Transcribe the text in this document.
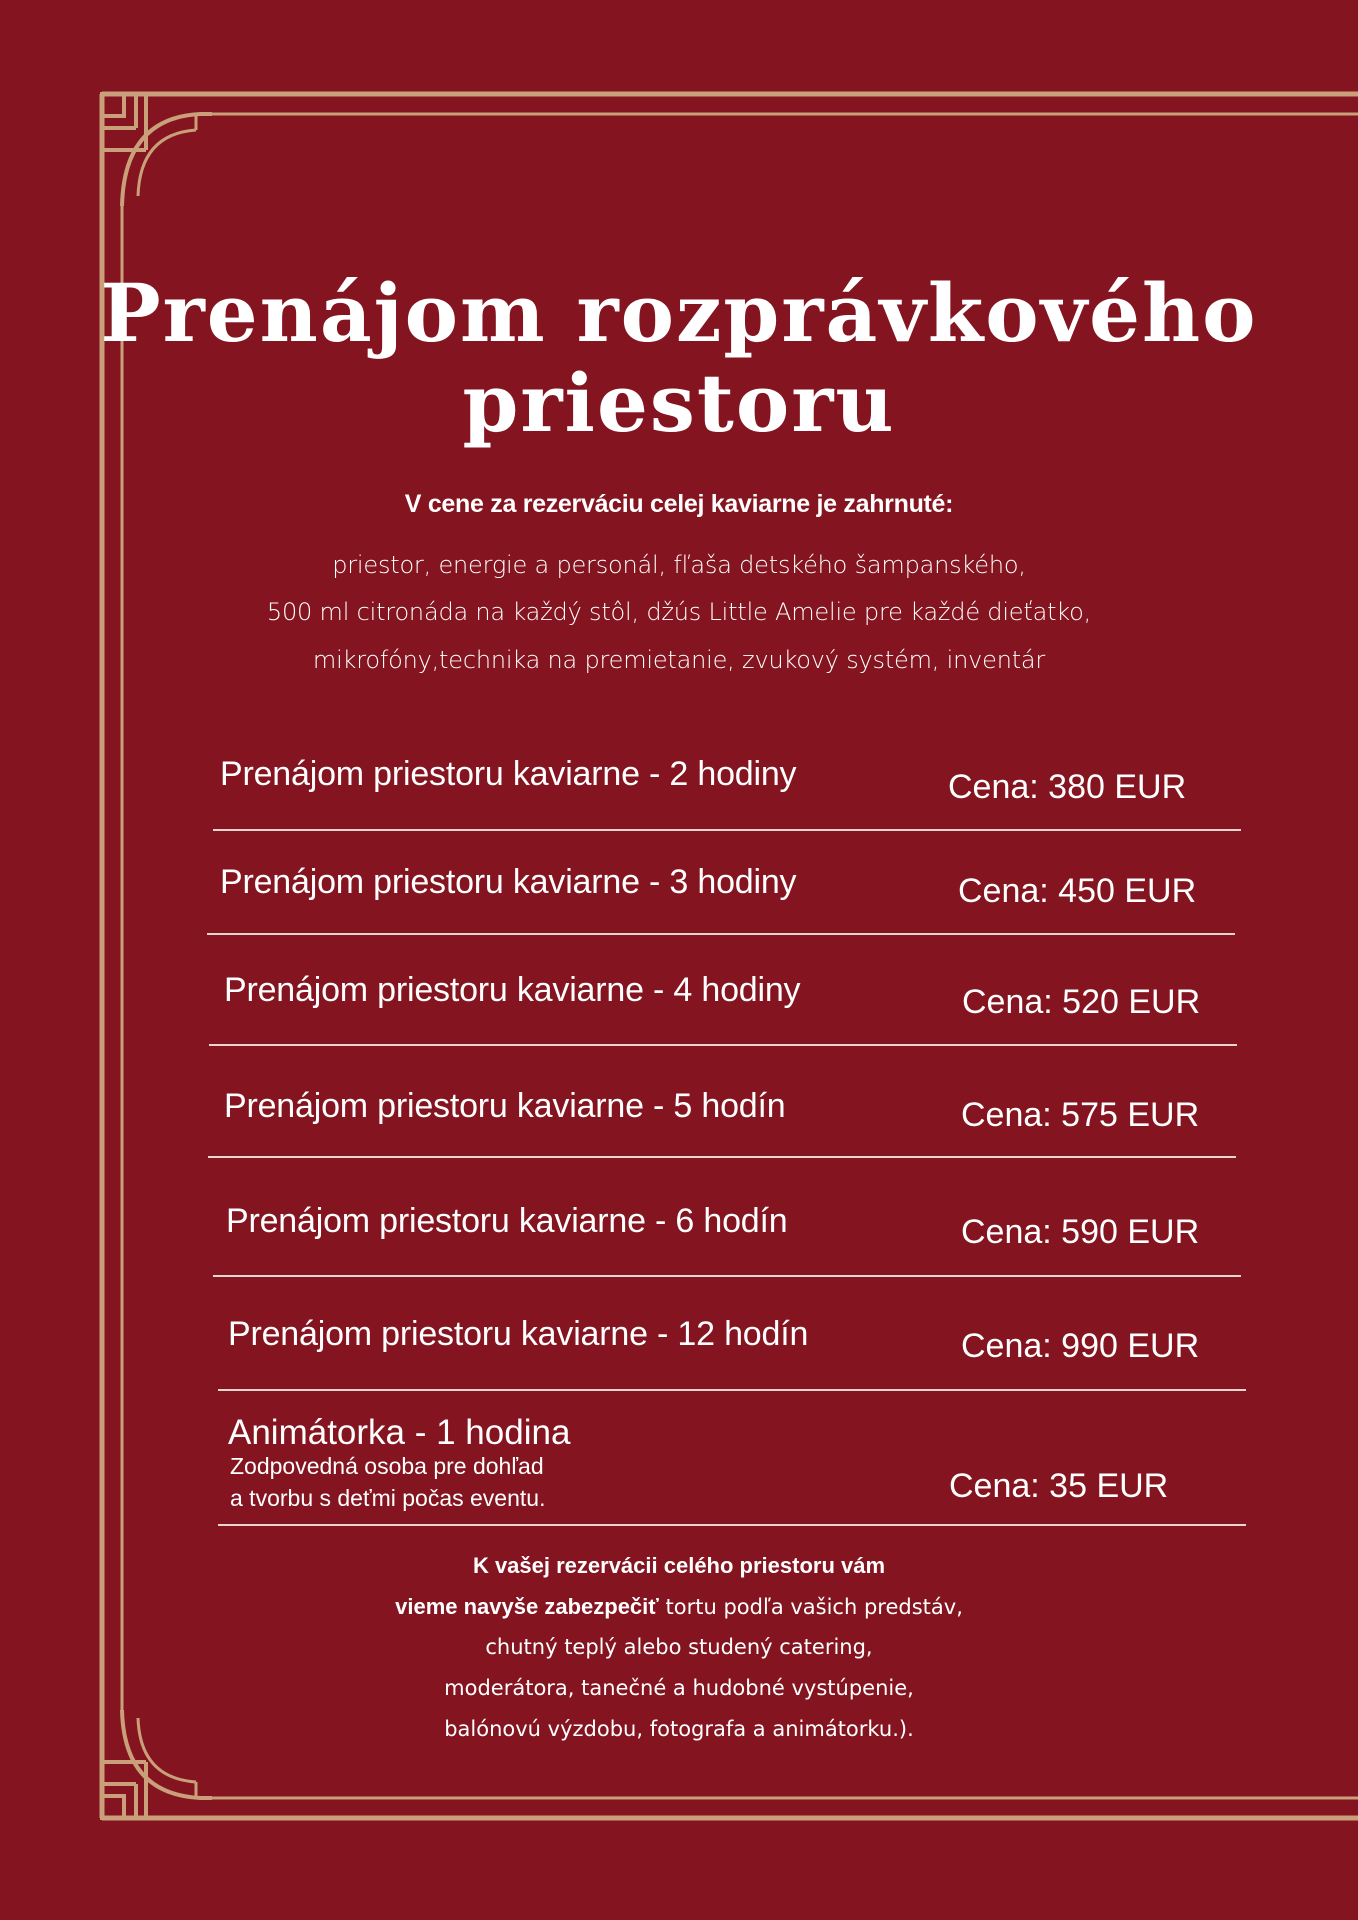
Prenájom rozprávkového
priestoru
V cene za rezerváciu celej kaviarne je zahrnuté:
priestor, energie a personál, fľaša detského šampanského,
500 ml citronáda na každý stôl, džús Little Amelie pre každé dieťatko,
mikrofóny,technika na premietanie, zvukový systém, inventár
Prenájom priestoru kaviarne - 2 hodiny	Cena: 380 EUR
Prenájom priestoru kaviarne - 3 hodiny	Cena: 450 EUR
Prenájom priestoru kaviarne - 4 hodiny	Cena: 520 EUR
Prenájom priestoru kaviarne - 5 hodín	Cena: 575 EUR
Prenájom priestoru kaviarne - 6 hodín	Cena: 590 EUR
Prenájom priestoru kaviarne - 12 hodín	Cena: 990 EUR
Animátorka - 1 hodina
Zodpovedná osoba pre dohľad
a tvorbu s deťmi počas eventu.	Cena: 35 EUR
K vašej rezervácii celého priestoru vám
vieme navyše zabezpečiť tortu podľa vašich predstáv,
chutný teplý alebo studený catering,
moderátora, tanečné a hudobné vystúpenie,
balónovú výzdobu, fotografa a animátorku.).
